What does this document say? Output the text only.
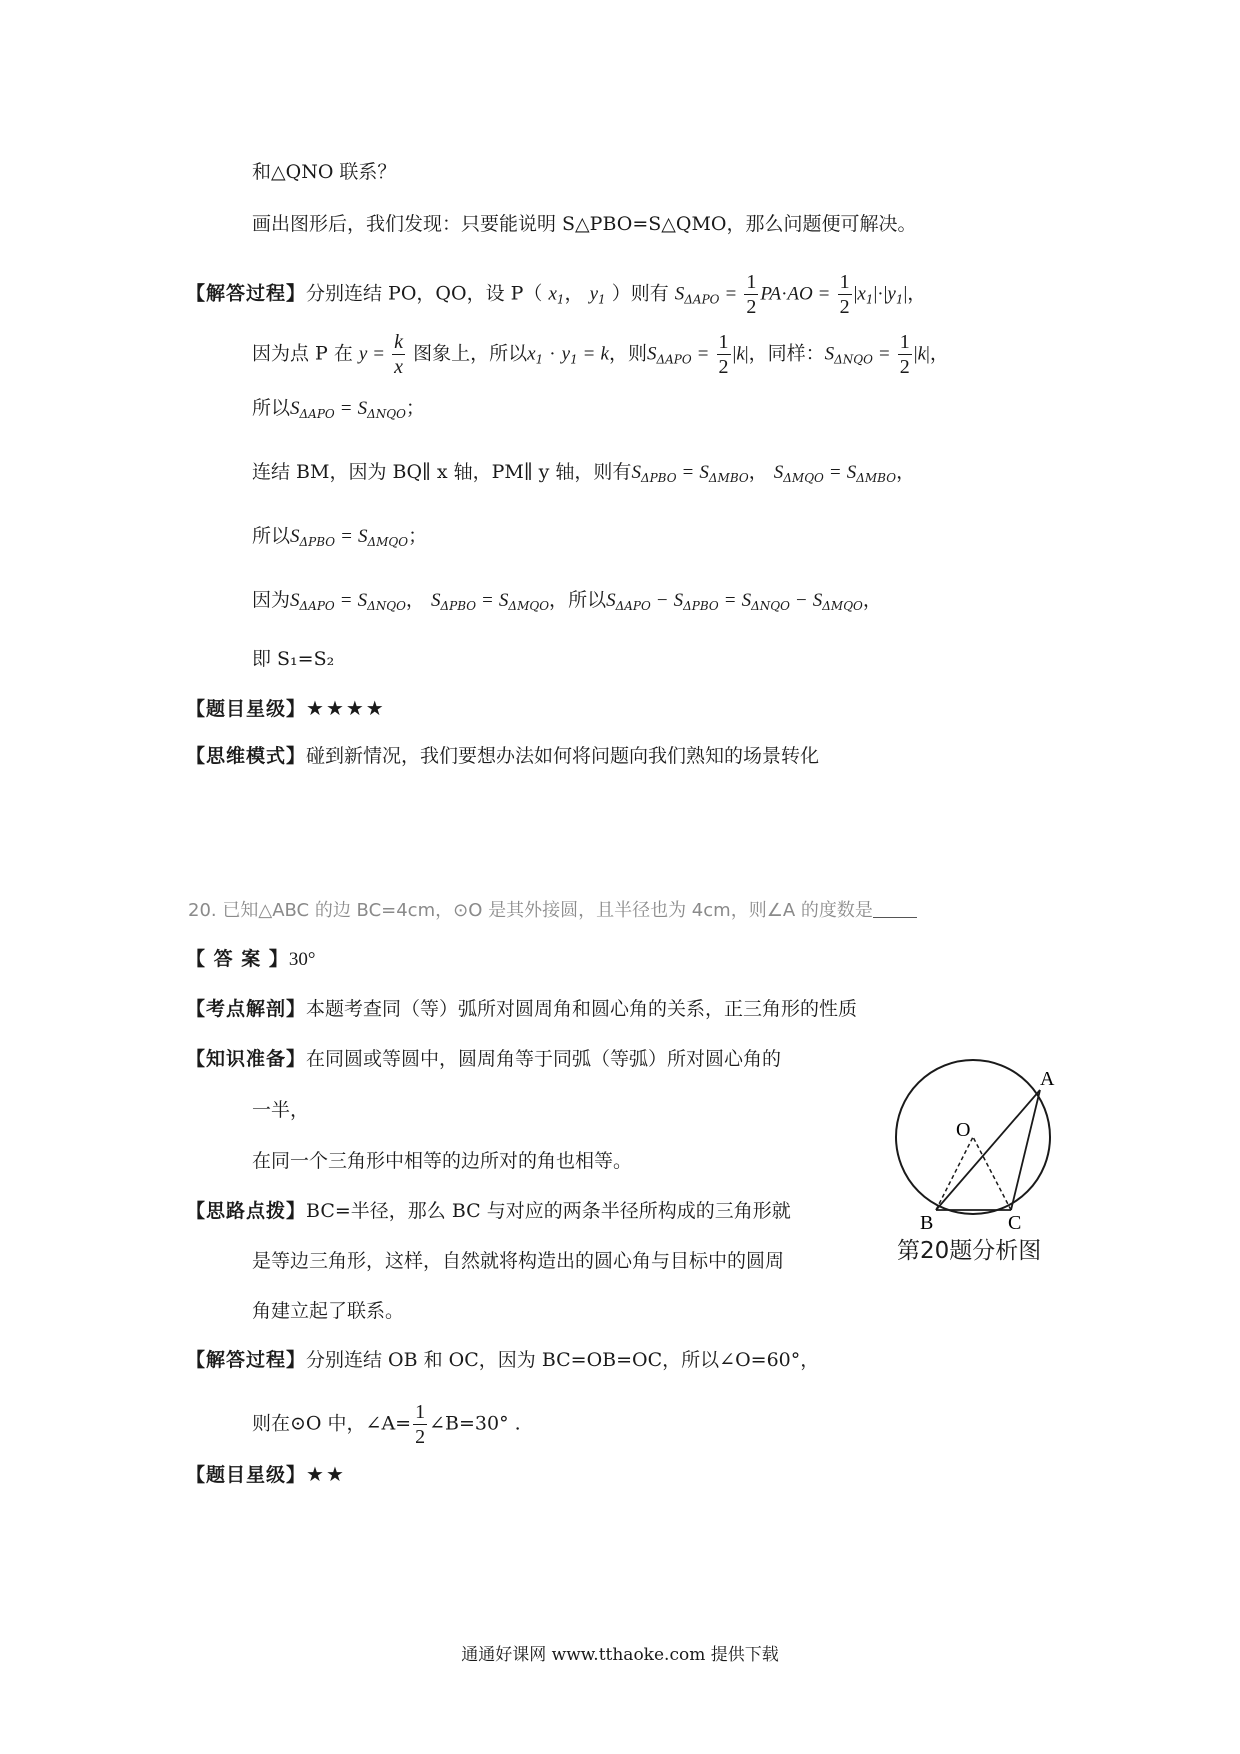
和△QNO 联系？
画出图形后，我们发现：只要能说明 S△PBO=S△QMO，那么问题便可解决。
【解答过程】分别连结 PO，QO，设 P（ $x_1$， $y_1$ ）则有 $S_{\Delta APO} = \frac{1}{2} PA\cdot AO = \frac{1}{2} |x_1|\cdot|y_1|$，
因为点 P 在 $y = \frac{k}{x}$ 图象上，所以$x_1 \cdot y_1 = k$，则$S_{\Delta APO} = \frac{1}{2} |k|$，同样：$S_{\Delta NQO} = \frac{1}{2} |k|$，
所以$S_{\Delta APO} = S_{\Delta NQO}$；
连结 BM，因为 BQ∥ x 轴，PM∥ y 轴，则有$S_{\Delta PBO} = S_{\Delta MBO}$， $S_{\Delta MQO} = S_{\Delta MBO}$，
所以$S_{\Delta PBO} = S_{\Delta MQO}$；
因为$S_{\Delta APO} = S_{\Delta NQO}$， $S_{\Delta PBO} = S_{\Delta MQO}$，所以$S_{\Delta APO} - S_{\Delta PBO} = S_{\Delta NQO} - S_{\Delta MQO}$，
即 S₁=S₂
【题目星级】★★★★
【思维模式】碰到新情况，我们要想办法如何将问题向我们熟知的场景转化
20. 已知△ABC 的边 BC=4cm，⊙O 是其外接圆，且半径也为 4cm，则∠A 的度数是
【 答 案 】30°
【考点解剖】本题考查同（等）弧所对圆周角和圆心角的关系，正三角形的性质
【知识准备】在同圆或等圆中，圆周角等于同弧（等弧）所对圆心角的
一半，
在同一个三角形中相等的边所对的角也相等。
【思路点拨】BC=半径，那么 BC 与对应的两条半径所构成的三角形就
是等边三角形，这样，自然就将构造出的圆心角与目标中的圆周
角建立起了联系。
【解答过程】分别连结 OB 和 OC，因为 BC=OB=OC，所以∠O=60°，
则在⊙O 中，∠A= $\frac{1}{2}$ ∠B=30° .
【题目星级】★★
A
B	C
O
第20题分析图
通通好课网 www.tthaoke.com 提供下载
